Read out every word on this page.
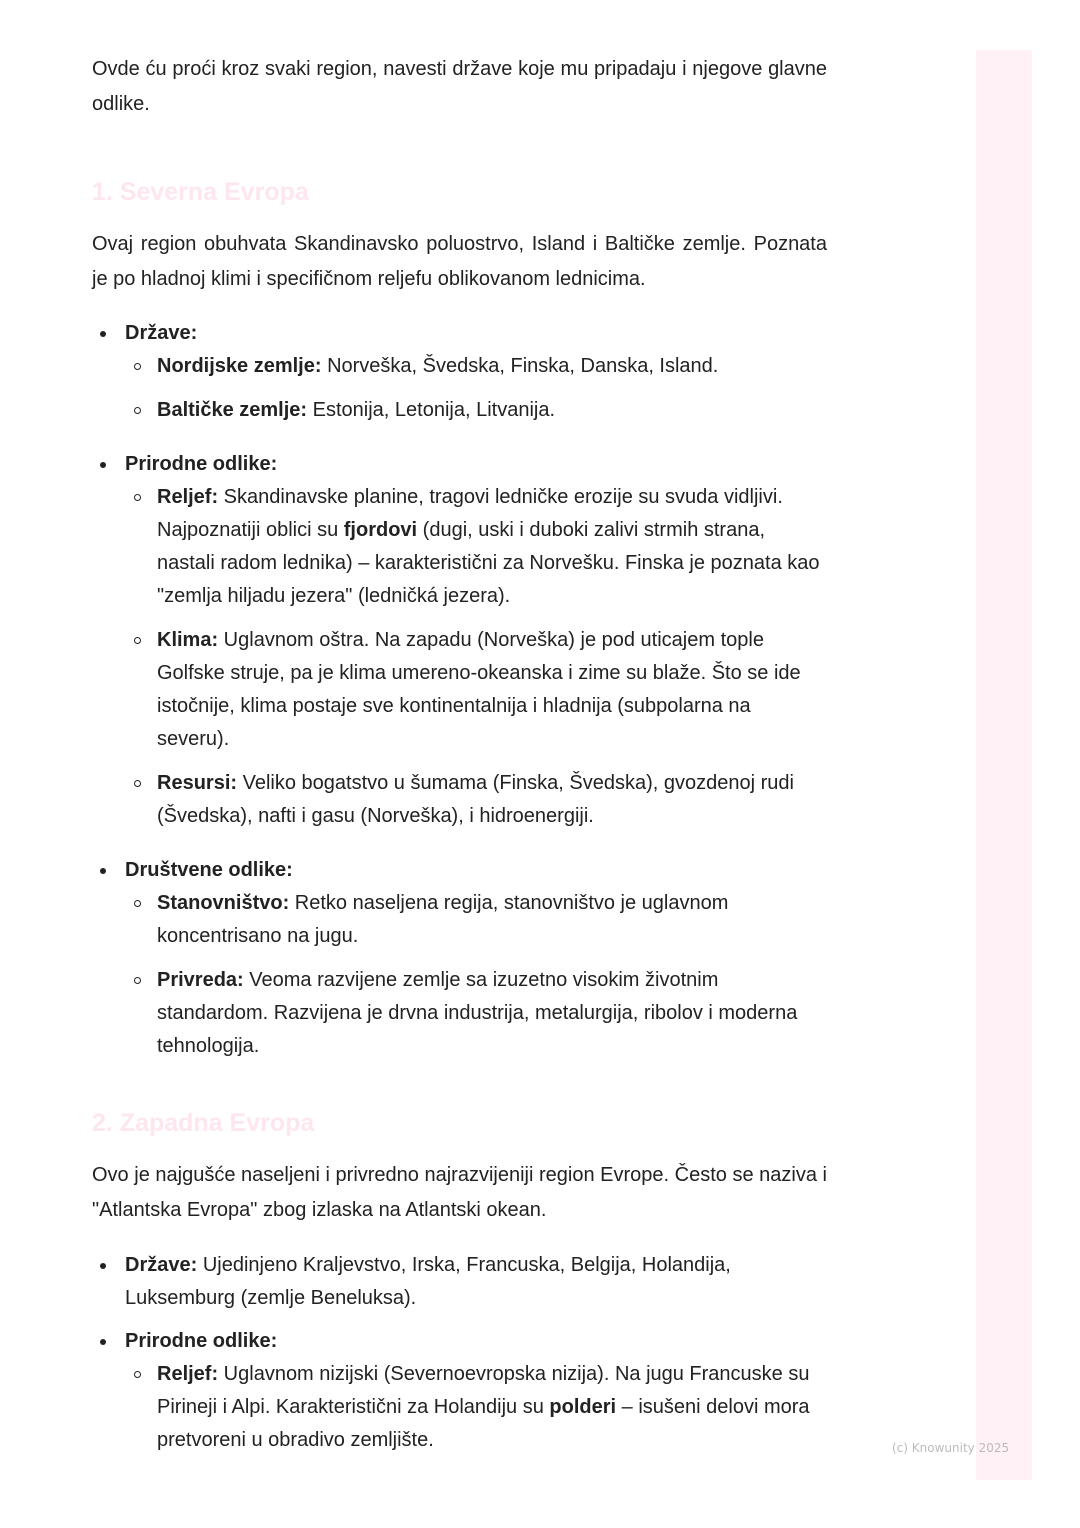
Ovde ću proći kroz svaki region, navesti države koje mu pripadaju i njegove glavne odlike.

1. Severna Evropa

Ovaj region obuhvata Skandinavsko poluostrvo, Island i Baltičke zemlje. Poznata je po hladnoj klimi i specifičnom reljefu oblikovanom lednicima.

Države:
Nordijske zemlje: Norveška, Švedska, Finska, Danska, Island.
Baltičke zemlje: Estonija, Letonija, Litvanija.
Prirodne odlike:
Reljef: Skandinavske planine, tragovi ledničke erozije su svuda vidljivi. Najpoznatiji oblici su fjordovi (dugi, uski i duboki zalivi strmih strana, nastali radom lednika) – karakteristični za Norvešku. Finska je poznata kao "zemlja hiljadu jezera" (ledničká jezera).
Klima: Uglavnom oštra. Na zapadu (Norveška) je pod uticajem tople Golfske struje, pa je klima umereno-okeanska i zime su blaže. Što se ide istočnije, klima postaje sve kontinentalnija i hladnija (subpolarna na severu).
Resursi: Veliko bogatstvo u šumama (Finska, Švedska), gvozdenoj rudi (Švedska), nafti i gasu (Norveška), i hidroenergiji.
Društvene odlike:
Stanovništvo: Retko naseljena regija, stanovništvo je uglavnom koncentrisano na jugu.
Privreda: Veoma razvijene zemlje sa izuzetno visokim životnim standardom. Razvijena je drvna industrija, metalurgija, ribolov i moderna tehnologija.
2. Zapadna Evropa

Ovo je najgušće naseljeni i privredno najrazvijeniji region Evrope. Često se naziva i "Atlantska Evropa" zbog izlaska na Atlantski okean.

Države: Ujedinjeno Kraljevstvo, Irska, Francuska, Belgija, Holandija, Luksemburg (zemlje Beneluksa).
Prirodne odlike:
Reljef: Uglavnom nizijski (Severnoevropska nizija). Na jugu Francuske su Pirineji i Alpi. Karakteristični za Holandiju su polderi – isušeni delovi mora pretvoreni u obradivo zemljište.	(c) Knowunity 2025
